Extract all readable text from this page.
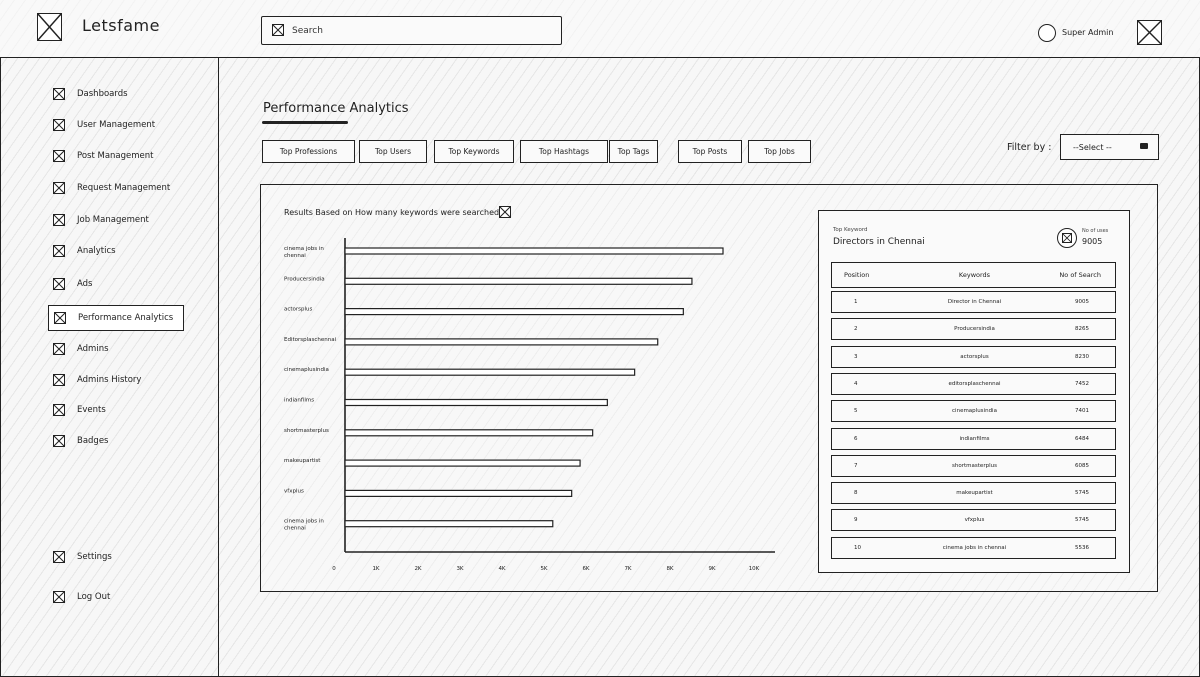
Letsfame
Search	Super Admin
Dashboards
User Management
Post Management
Request Management
Job Management
Analytics
Ads
Performance Analytics
Admins
Admins History
Events
Badges
Settings
Log Out
Performance Analytics
Top Professions	Top Users	Top Keywords	Top Hashtags	Top Tags	Top Posts	Top Jobs	Filter by :	--Select --
Results Based on How many keywords were searched
cinema jobs in chennai
Producersindia
actorsplus
Editorsplaschennai
cinemaplusindia
indianfilms
shortmasterplus
makeupartist
vfxplus
cinema jobs in chennai
0	1K	2K	3K	4K	5K	6K	7K	8K	9K	10K
Top Keyword
Directors in Chennai
No of uses
9005
Position	Keywords	No of Search
1	Director in Chennai	9005
2	Producersindia	8265
3	actorsplus	8230
4	editorsplaschennai	7452
5	cinemaplusindia	7401
6	indianfilms	6484
7	shortmasterplus	6085
8	makeupartist	5745
9	vfxplus	5745
10	cinema jobs in chennai	5536
